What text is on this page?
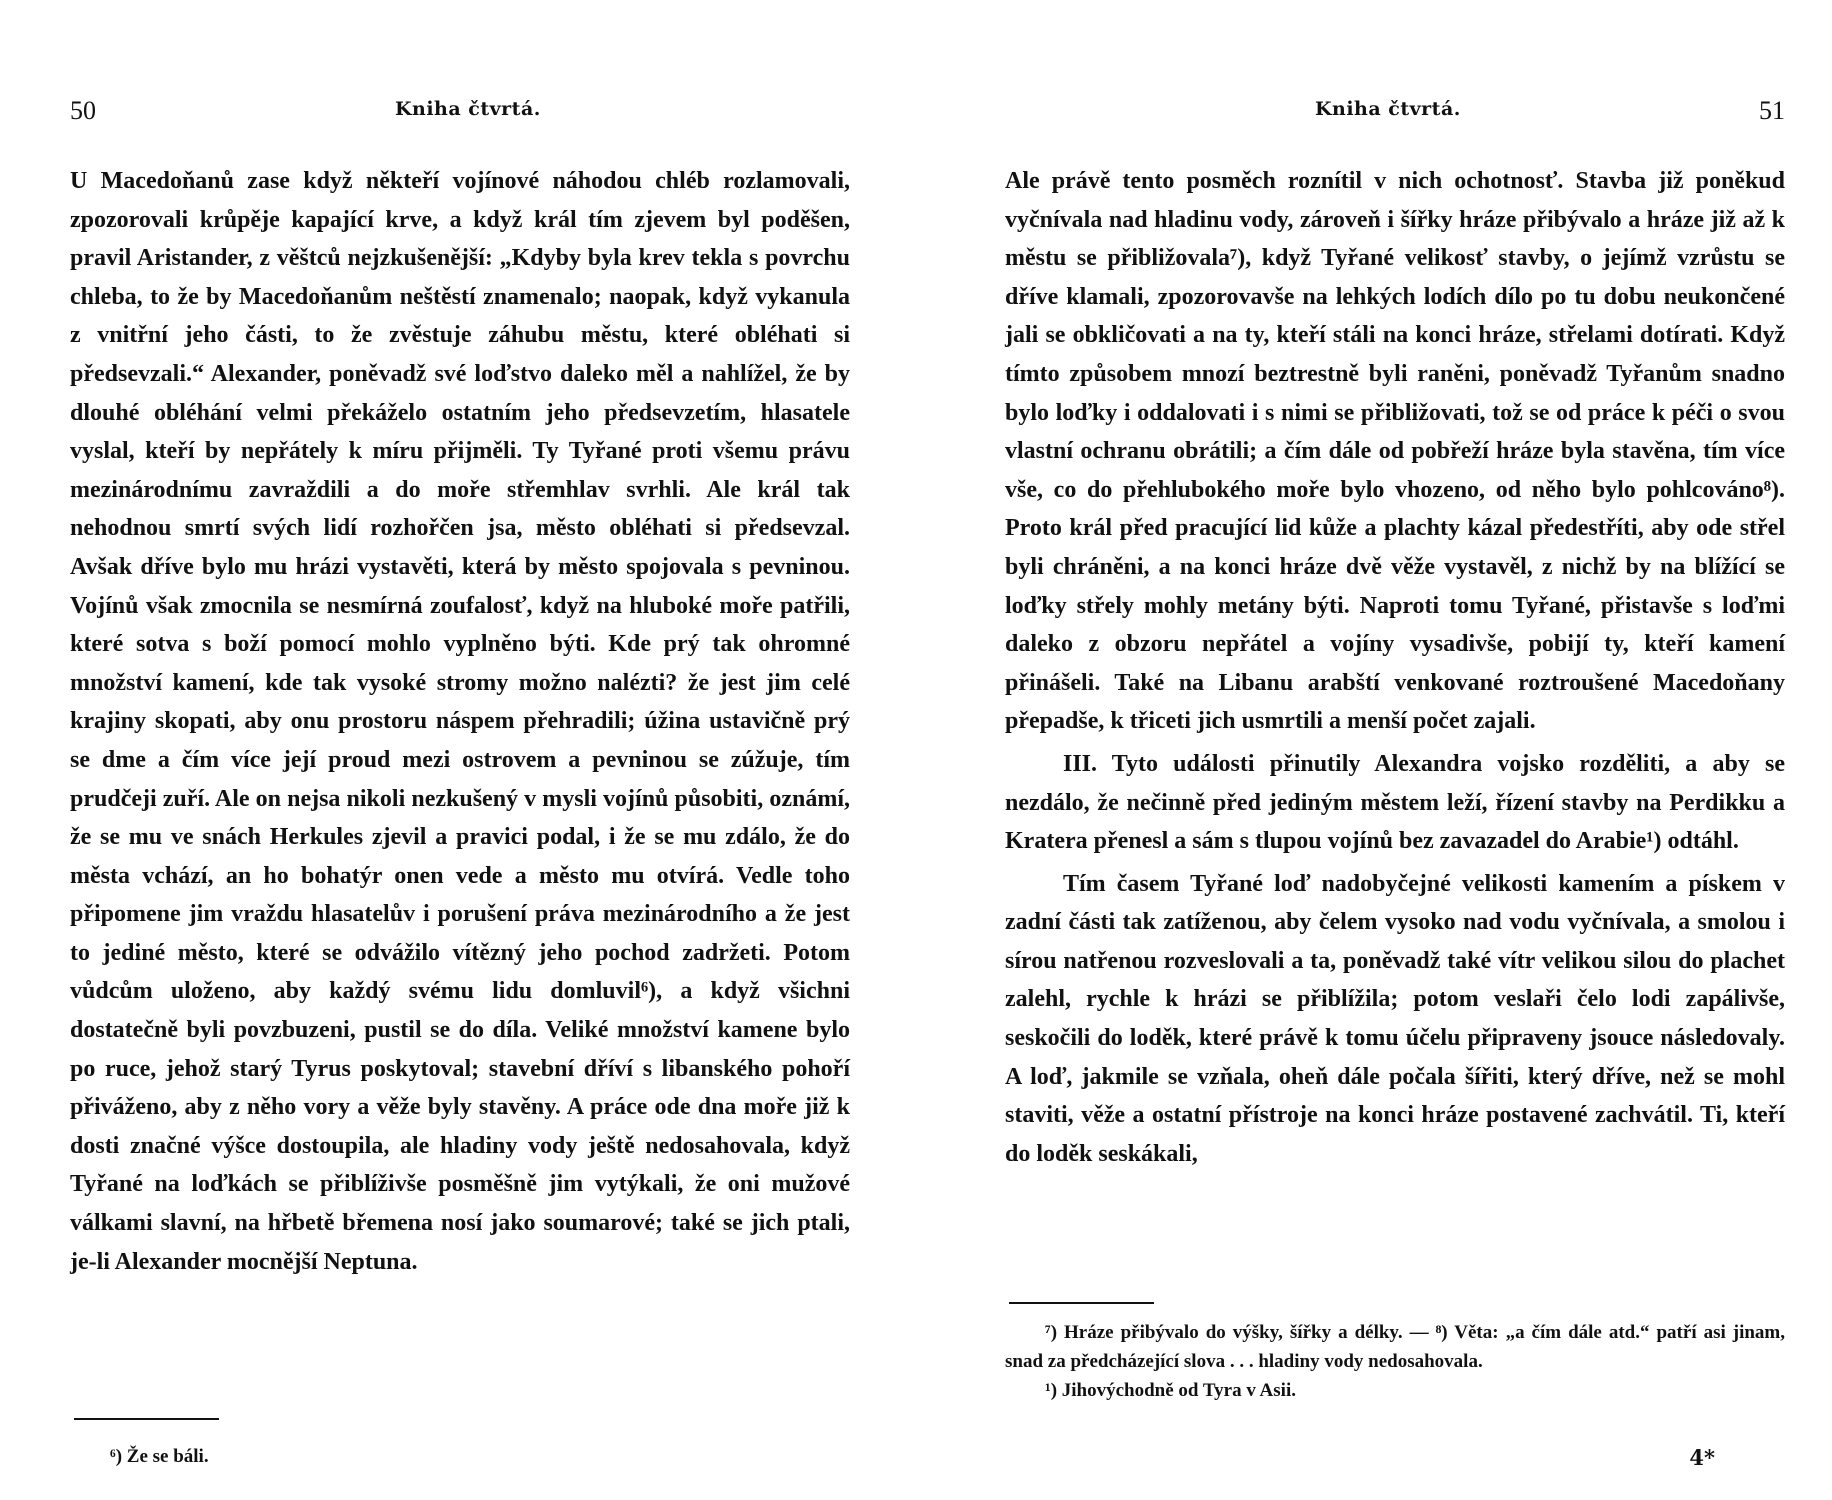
50	Kniha čtvrtá.

U Macedoňanů zase když někteří vojínové náhodou chléb rozlamovali, zpozorovali krůpěje kapající krve, a když král tím zjevem byl poděšen, pravil Aristander, z věštců nejzkušenější: „Kdyby byla krev tekla s povrchu chleba, to že by Macedoňanům neštěstí znamenalo; naopak, když vykanula z vnitřní jeho části, to že zvěstuje záhubu městu, které obléhati si předsevzali.“ Alexander, poněvadž své loďstvo daleko měl a nahlížel, že by dlouhé obléhání velmi překáželo ostatním jeho předsevzetím, hlasatele vyslal, kteří by nepřátely k míru přijměli. Ty Tyřané proti všemu právu mezinárodnímu zavraždili a do moře střemhlav svrhli. Ale král tak nehodnou smrtí svých lidí rozhořčen jsa, město obléhati si předsevzal. Avšak dříve bylo mu hrázi vystavěti, která by město spojovala s pevninou. Vojínů však zmocnila se nesmírná zoufalosť, když na hluboké moře patřili, které sotva s boží pomocí mohlo vyplněno býti. Kde prý tak ohromné množství kamení, kde tak vysoké stromy možno nalézti? že jest jim celé krajiny skopati, aby onu prostoru náspem přehradili; úžina ustavičně prý se dme a čím více její proud mezi ostrovem a pevninou se zúžuje, tím prudčeji zuří. Ale on nejsa nikoli nezkušený v mysli vojínů působiti, oznámí, že se mu ve snách Herkules zjevil a pravici podal, i že se mu zdálo, že do města vchází, an ho bohatýr onen vede a město mu otvírá. Vedle toho připomene jim vraždu hlasatelův i porušení práva mezinárodního a že jest to jediné město, které se odvážilo vítězný jeho pochod zadržeti. Potom vůdcům uloženo, aby každý svému lidu domluvil⁶), a když všichni dostatečně byli povzbuzeni, pustil se do díla. Veliké množství kamene bylo po ruce, jehož starý Tyrus poskytoval; stavební dříví s libanského pohoří přiváženo, aby z něho vory a věže byly stavěny. A práce ode dna moře již k dosti značné výšce dostoupila, ale hladiny vody ještě nedosahovala, když Tyřané na loďkách se přiblíživše posměšně jim vytýkali, že oni mužové válkami slavní, na hřbetě břemena nosí jako soumarové; také se jich ptali, je-li Alexander mocnější Neptuna.

⁶) Že se báli.

Kniha čtvrtá.	51

Ale právě tento posměch roznítil v nich ochotnosť. Stavba již poněkud vyčnívala nad hladinu vody, zároveň i šířky hráze přibývalo a hráze již až k městu se přibližovala⁷), když Tyřané velikosť stavby, o jejímž vzrůstu se dříve klamali, zpozorovavše na lehkých lodích dílo po tu dobu neukončené jali se obkličovati a na ty, kteří stáli na konci hráze, střelami dotírati. Když tímto způsobem mnozí beztrestně byli raněni, poněvadž Tyřanům snadno bylo loďky i oddalovati i s nimi se přibližovati, tož se od práce k péči o svou vlastní ochranu obrátili; a čím dále od pobřeží hráze byla stavěna, tím více vše, co do přehlubokého moře bylo vhozeno, od něho bylo pohlcováno⁸). Proto král před pracující lid kůže a plachty kázal předestříti, aby ode střel byli chráněni, a na konci hráze dvě věže vystavěl, z nichž by na blížící se loďky střely mohly metány býti. Naproti tomu Tyřané, přistavše s loďmi daleko z obzoru nepřátel a vojíny vysadivše, pobijí ty, kteří kamení přinášeli. Také na Libanu arabští venkované roztroušené Macedoňany přepadše, k třiceti jich usmrtili a menší počet zajali.

III. Tyto události přinutily Alexandra vojsko rozděliti, a aby se nezdálo, že nečinně před jediným městem leží, řízení stavby na Perdikku a Kratera přenesl a sám s tlupou vojínů bez zavazadel do Arabie¹) odtáhl.

Tím časem Tyřané loď nadobyčejné velikosti kamením a pískem v zadní části tak zatíženou, aby čelem vysoko nad vodu vyčnívala, a smolou i sírou natřenou rozveslovali a ta, poněvadž také vítr velikou silou do plachet zalehl, rychle k hrázi se přiblížila; potom veslaři čelo lodi zapálivše, seskočili do loděk, které právě k tomu účelu připraveny jsouce následovaly. A loď, jakmile se vzňala, oheň dále počala šířiti, který dříve, než se mohl staviti, věže a ostatní přístroje na konci hráze postavené zachvátil. Ti, kteří do loděk seskákali,

⁷) Hráze přibývalo do výšky, šířky a délky. — ⁸) Věta: „a čím dále atd.“ patří asi jinam, snad za předcházející slova . . . hladiny vody nedosahovala.

¹) Jihovýchodně od Tyra v Asii.

4*
